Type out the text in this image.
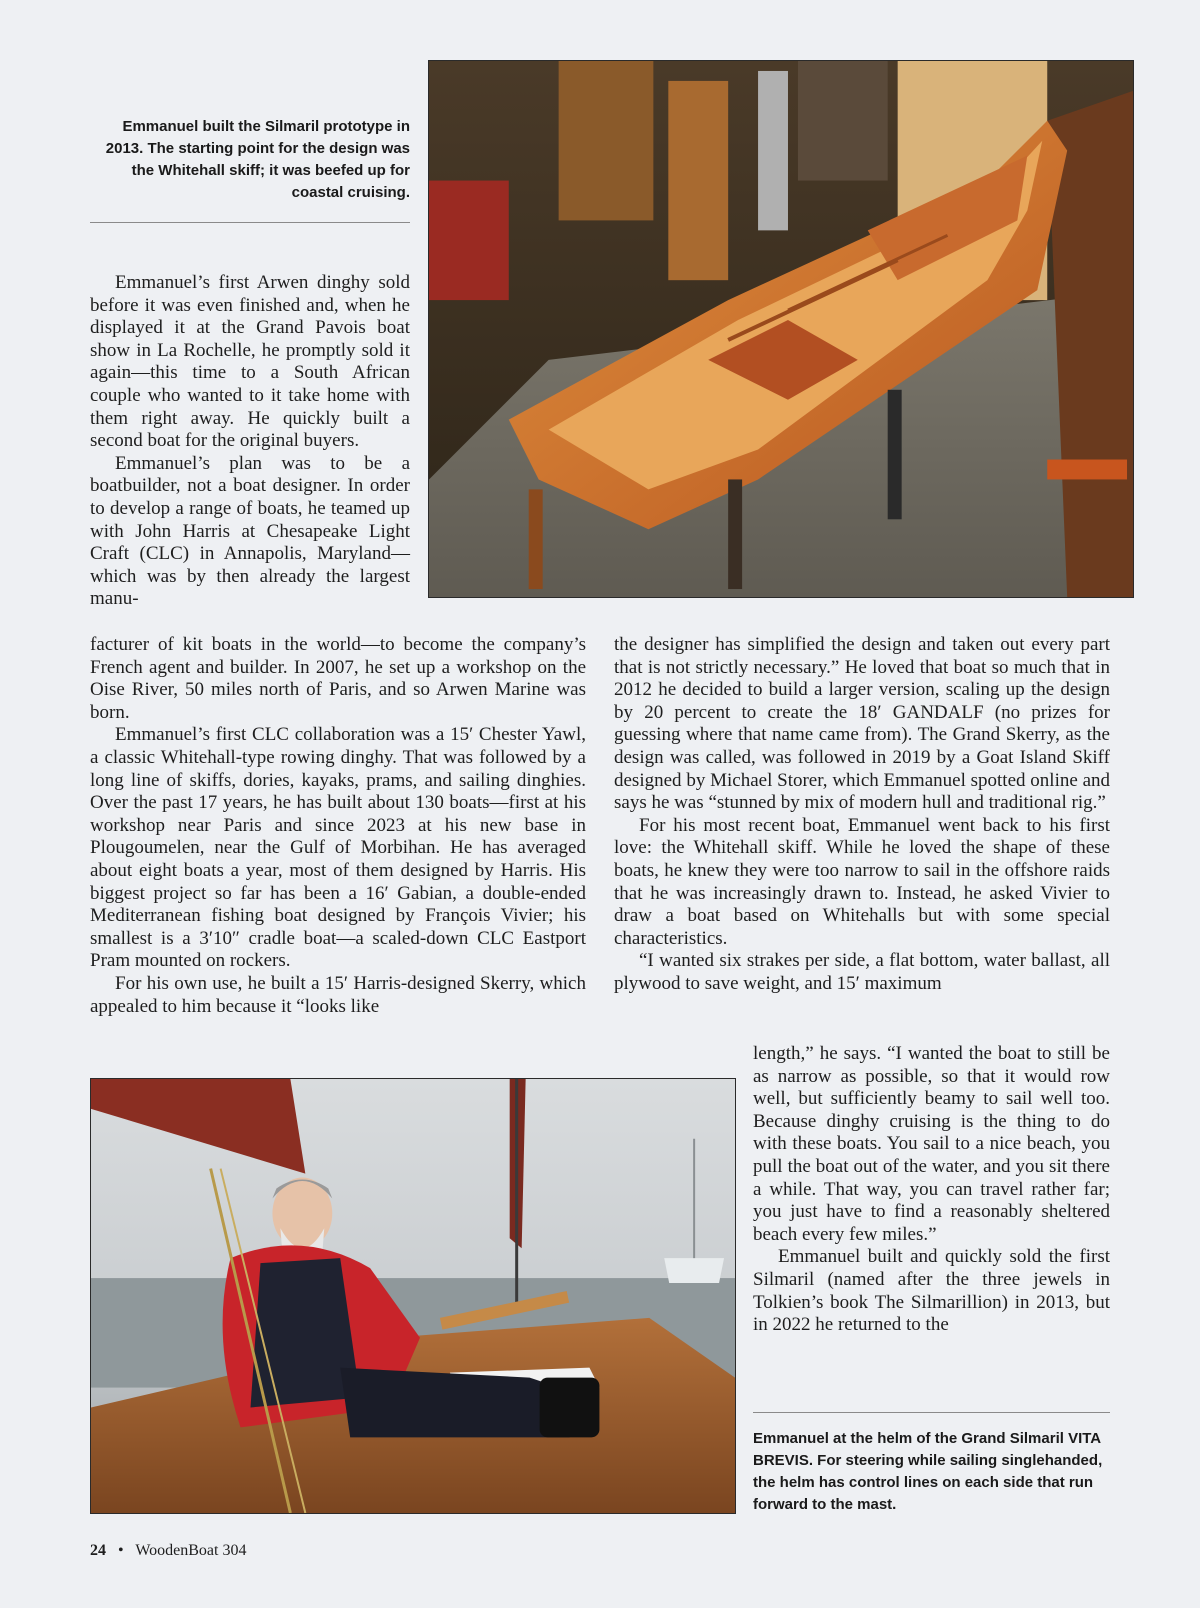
Emmanuel built the Silmaril prototype in 2013. The starting point for the design was the Whitehall skiff; it was beefed up for coastal cruising.

Emmanuel’s first Arwen dinghy sold before it was even finished and, when he displayed it at the Grand Pavois boat show in La Rochelle, he promptly sold it again—this time to a South African couple who wanted to it take home with them right away. He quickly built a second boat for the original buyers.

Emmanuel’s plan was to be a boatbuilder, not a boat designer. In order to develop a range of boats, he teamed up with John Harris at Chesapeake Light Craft (CLC) in Annapolis, Maryland—which was by then already the largest manu-

facturer of kit boats in the world—to become the company’s French agent and builder. In 2007, he set up a workshop on the Oise River, 50 miles north of Paris, and so Arwen Marine was born.

Emmanuel’s first CLC collaboration was a 15′ Chester Yawl, a classic Whitehall-type rowing dinghy. That was followed by a long line of skiffs, dories, kayaks, prams, and sailing dinghies. Over the past 17 years, he has built about 130 boats—first at his workshop near Paris and since 2023 at his new base in Plougoumelen, near the Gulf of Morbihan. He has averaged about eight boats a year, most of them designed by Harris. His biggest project so far has been a 16′ Gabian, a double-ended Mediterranean fishing boat designed by François Vivier; his smallest is a 3′10″ cradle boat—a scaled-down CLC Eastport Pram mounted on rockers.

For his own use, he built a 15′ Harris-designed Skerry, which appealed to him because it “looks like

the designer has simplified the design and taken out every part that is not strictly necessary.” He loved that boat so much that in 2012 he decided to build a larger version, scaling up the design by 20 percent to create the 18′ GANDALF (no prizes for guessing where that name came from). The Grand Skerry, as the design was called, was followed in 2019 by a Goat Island Skiff designed by Michael Storer, which Emmanuel spotted online and says he was “stunned by mix of modern hull and traditional rig.”

For his most recent boat, Emmanuel went back to his first love: the Whitehall skiff. While he loved the shape of these boats, he knew they were too narrow to sail in the offshore raids that he was increasingly drawn to. Instead, he asked Vivier to draw a boat based on Whitehalls but with some special characteristics.

“I wanted six strakes per side, a flat bottom, water ballast, all plywood to save weight, and 15′ maximum

length,” he says. “I wanted the boat to still be as narrow as possible, so that it would row well, but sufficiently beamy to sail well too. Because dinghy cruising is the thing to do with these boats. You sail to a nice beach, you pull the boat out of the water, and you sit there a while. That way, you can travel rather far; you just have to find a reasonably sheltered beach every few miles.”

Emmanuel built and quickly sold the first Silmaril (named after the three jewels in Tolkien’s book The Silmarillion) in 2013, but in 2022 he returned to the

Emmanuel at the helm of the Grand Silmaril VITA BREVIS. For steering while sailing singlehanded, the helm has control lines on each side that run forward to the mast.

24 • WoodenBoat 304
